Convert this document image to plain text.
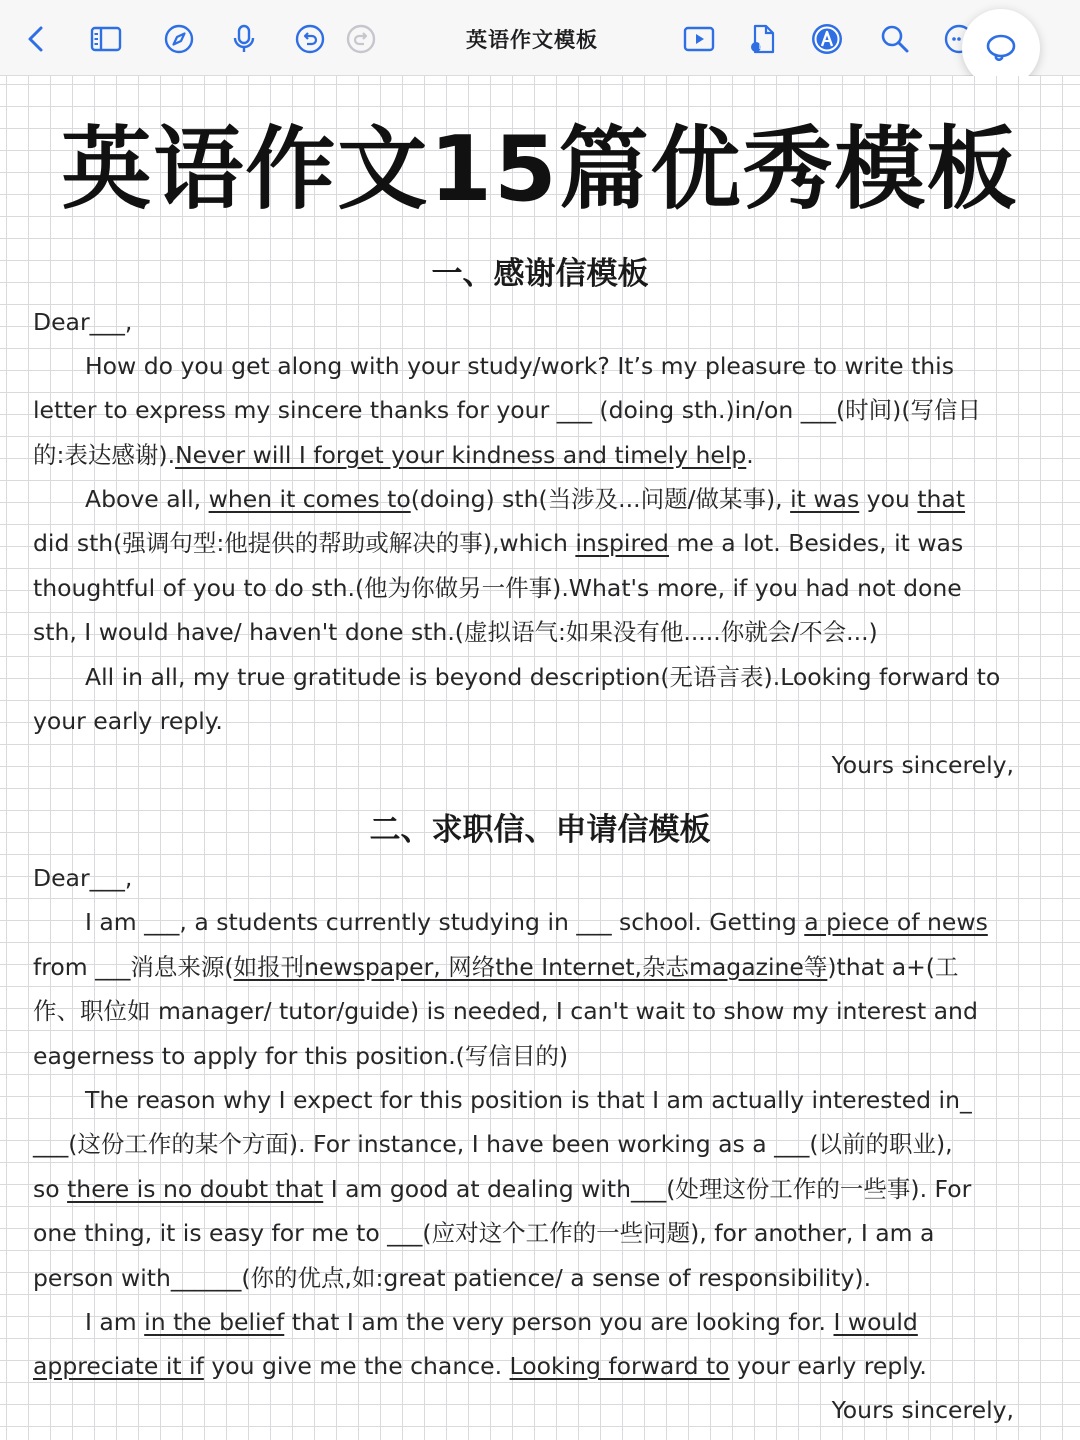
英语作文模板
英语作文15篇优秀模板
一、感谢信模板
Dear___,
How do you get along with your study/work? It’s my pleasure to write this
letter to express my sincere thanks for your ___ (doing sth.)in/on ___(时间)(写信日
的:表达感谢).Never will I forget your kindness and timely help.
Above all, when it comes to(doing) sth(当涉及...问题/做某事), it was you that
did sth(强调句型:他提供的帮助或解决的事),which inspired me a lot. Besides, it was
thoughtful of you to do sth.(他为你做另一件事).What's more, if you had not done
sth, I would have/ haven't done sth.(虚拟语气:如果没有他.....你就会/不会...)
All in all, my true gratitude is beyond description(无语言表).Looking forward to
your early reply.
Yours sincerely,
二、求职信、申请信模板
Dear___,
I am ___, a students currently studying in ___ school. Getting a piece of news
from ___消息来源(如报刊newspaper, 网络the Internet,杂志magazine等)that a+(工
作、职位如 manager/ tutor/guide) is needed, I can't wait to show my interest and
eagerness to apply for this position.(写信目的)
The reason why I expect for this position is that I am actually interested in_
___(这份工作的某个方面). For instance, I have been working as a ___(以前的职业),
so there is no doubt that I am good at dealing with___(处理这份工作的一些事). For
one thing, it is easy for me to ___(应对这个工作的一些问题), for another, I am a
person with______(你的优点,如:great patience/ a sense of responsibility).
I am in the belief that I am the very person you are looking for. I would
appreciate it if you give me the chance. Looking forward to your early reply.
Yours sincerely,
